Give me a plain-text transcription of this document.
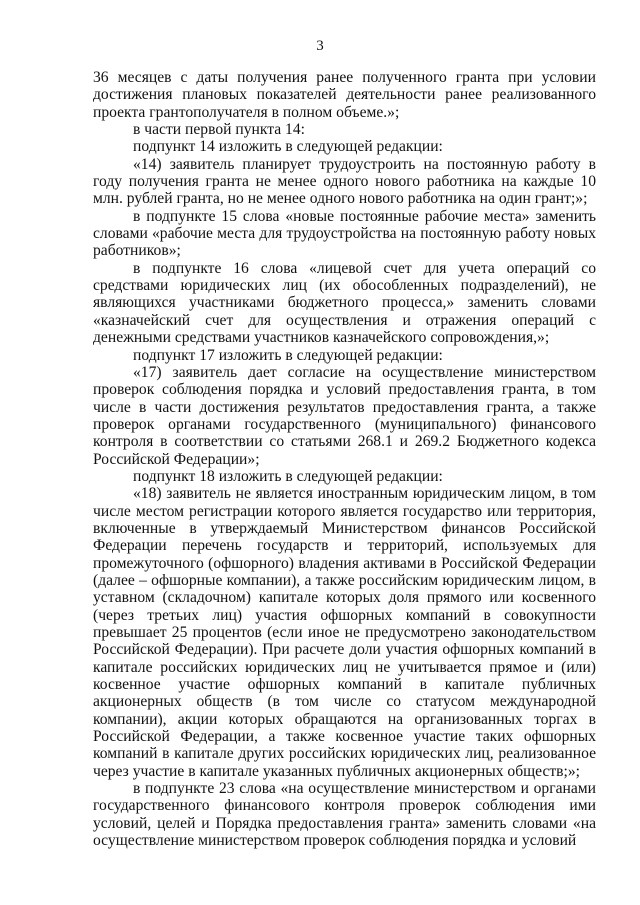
3

36 месяцев с даты получения ранее полученного гранта при условии достижения плановых показателей деятельности ранее реализованного проекта грантополучателя в полном объеме.»;

в части первой пункта 14:

подпункт 14 изложить в следующей редакции:

«14) заявитель планирует трудоустроить на постоянную работу в году получения гранта не менее одного нового работника на каждые 10 млн. рублей гранта, но не менее одного нового работника на один грант;»;

в подпункте 15 слова «новые постоянные рабочие места» заменить словами «рабочие места для трудоустройства на постоянную работу новых работников»;

в подпункте 16 слова «лицевой счет для учета операций со средствами юридических лиц (их обособленных подразделений), не являющихся участниками бюджетного процесса,» заменить словами «казначейский счет для осуществления и отражения операций с денежными средствами участников казначейского сопровождения,»;

подпункт 17 изложить в следующей редакции:

«17) заявитель дает согласие на осуществление министерством проверок соблюдения порядка и условий предоставления гранта, в том числе в части достижения результатов предоставления гранта, а также проверок органами государственного (муниципального) финансового контроля в соответствии со статьями 268.1 и 269.2 Бюджетного кодекса Российской Федерации»;

подпункт 18 изложить в следующей редакции:

«18) заявитель не является иностранным юридическим лицом, в том числе местом регистрации которого является государство или территория, включенные в утверждаемый Министерством финансов Российской Федерации перечень государств и территорий, используемых для промежуточного (офшорного) владения активами в Российской Федерации (далее – офшорные компании), а также российским юридическим лицом, в уставном (складочном) капитале которых доля прямого или косвенного (через третьих лиц) участия офшорных компаний в совокупности превышает 25 процентов (если иное не предусмотрено законодательством Российской Федерации). При расчете доли участия офшорных компаний в капитале российских юридических лиц не учитывается прямое и (или) косвенное участие офшорных компаний в капитале публичных акционерных обществ (в том числе со статусом международной компании), акции которых обращаются на организованных торгах в Российской Федерации, а также косвенное участие таких офшорных компаний в капитале других российских юридических лиц, реализованное через участие в капитале указанных публичных акционерных обществ;»;

в подпункте 23 слова «на осуществление министерством и органами государственного финансового контроля проверок соблюдения ими условий, целей и Порядка предоставления гранта» заменить словами «на осуществление министерством проверок соблюдения порядка и условий
